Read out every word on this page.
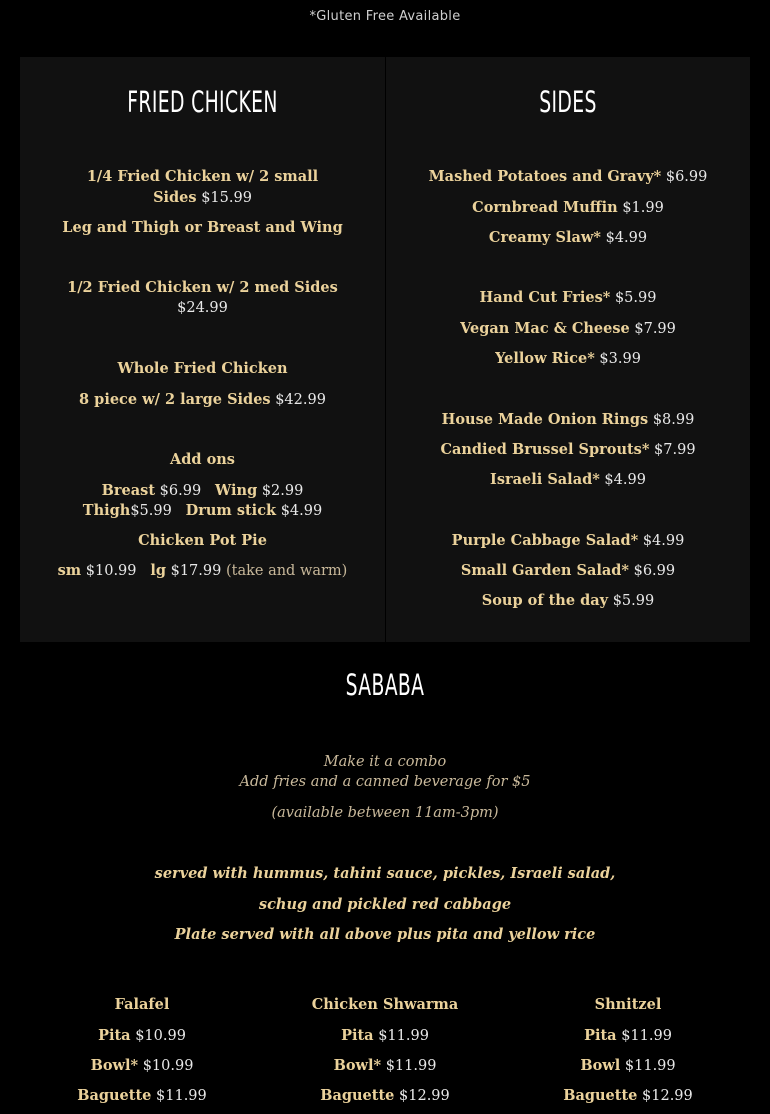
*Gluten Free Available
FRIED CHICKEN
1/4 Fried Chicken w/ 2 small
Sides $15.99
Leg and Thigh or Breast and Wing
1/2 Fried Chicken w/ 2 med Sides
$24.99
Whole Fried Chicken
8 piece w/ 2 large Sides $42.99
Add ons
Breast $6.99 Wing $2.99
Thigh$5.99 Drum stick $4.99
Chicken Pot Pie
sm $10.99 lg $17.99 (take and warm)
SIDES
Mashed Potatoes and Gravy* $6.99
Cornbread Muffin $1.99
Creamy Slaw* $4.99
Hand Cut Fries* $5.99
Vegan Mac & Cheese $7.99
Yellow Rice* $3.99
House Made Onion Rings $8.99
Candied Brussel Sprouts* $7.99
Israeli Salad* $4.99
Purple Cabbage Salad* $4.99
Small Garden Salad* $6.99
Soup of the day $5.99
SABABA
Make it a combo
Add fries and a canned beverage for $5
(available between 11am-3pm)
served with hummus, tahini sauce, pickles, Israeli salad,
schug and pickled red cabbage
Plate served with all above plus pita and yellow rice
Falafel
Pita $10.99
Bowl* $10.99
Baguette $11.99
Chicken Shwarma
Pita $11.99
Bowl* $11.99
Baguette $12.99
Shnitzel
Pita $11.99
Bowl $11.99
Baguette $12.99
